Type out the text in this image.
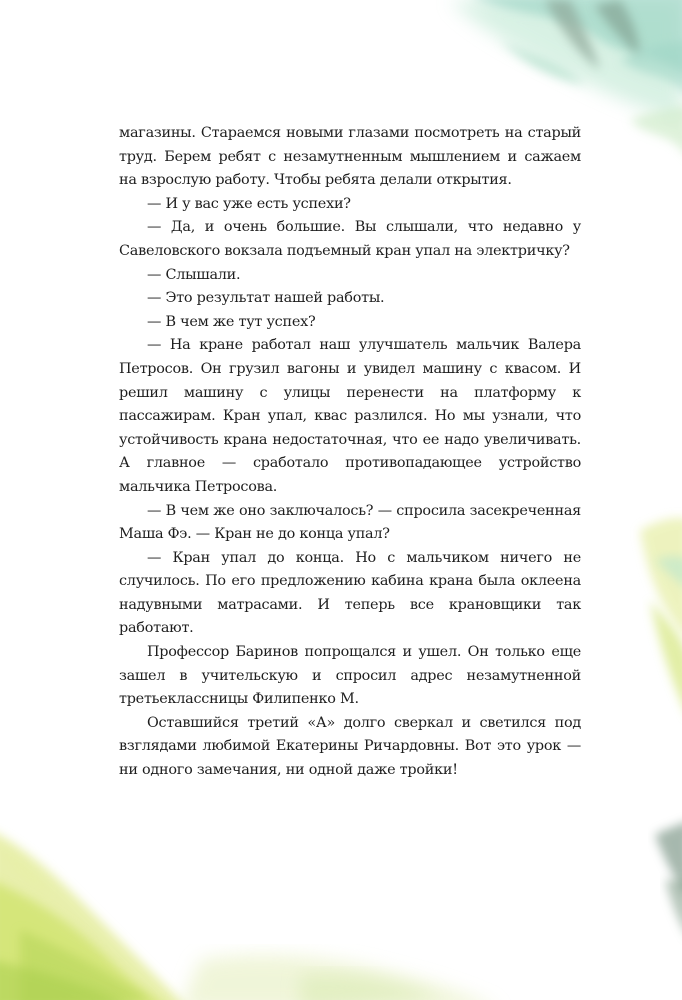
магазины. Стараемся новыми глазами посмотреть на старый труд. Берем ребят с незамутненным мышлением и сажаем на взрослую работу. Чтобы ребята делали открытия.

— И у вас уже есть успехи?

— Да, и очень большие. Вы слышали, что недавно у Савеловского вокзала подъемный кран упал на электричку?

— Слышали.

— Это результат нашей работы.

— В чем же тут успех?

— На кране работал наш улучшатель мальчик Валера Петросов. Он грузил вагоны и увидел машину с квасом. И решил машину с улицы перенести на платформу к пассажирам. Кран упал, квас разлился. Но мы узнали, что устойчивость крана недостаточная, что ее надо увеличивать. А главное — сработало противопадающее устройство мальчика Петросова.

— В чем же оно заключалось? — спросила засекреченная Маша Фэ. — Кран не до конца упал?

— Кран упал до конца. Но с мальчиком ничего не случилось. По его предложению кабина крана была оклеена надувными матрасами. И теперь все крановщики так работают.

Профессор Баринов попрощался и ушел. Он только еще зашел в учительскую и спросил адрес незамутненной третьеклассницы Филипенко М.

Оставшийся третий «А» долго сверкал и светился под взглядами любимой Екатерины Ричардовны. Вот это урок — ни одного замечания, ни одной даже тройки!
